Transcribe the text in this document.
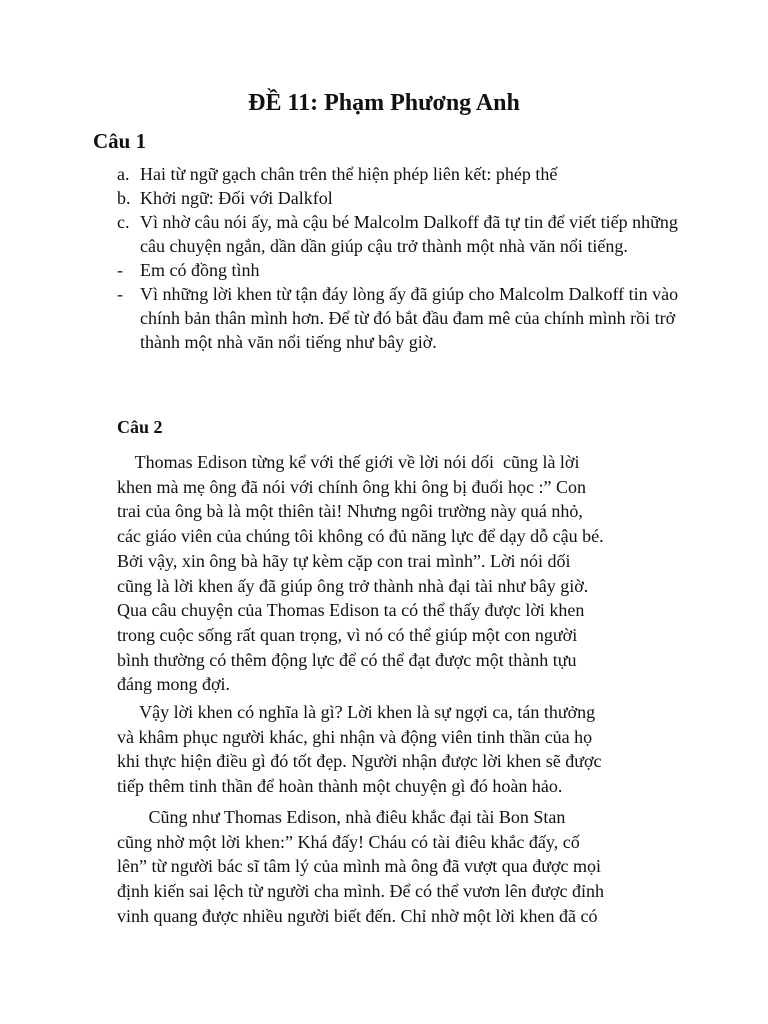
ĐỀ 11: Phạm Phương Anh
Câu 1
a. Hai từ ngữ gạch chân trên thể hiện phép liên kết: phép thế
b. Khởi ngữ: Đối với Dalkfol
c. Vì nhờ câu nói ấy, mà cậu bé Malcolm Dalkoff đã tự tin để viết tiếp những câu chuyện ngắn, dần dần giúp cậu trở thành một nhà văn nổi tiếng.
- Em có đồng tình
- Vì những lời khen từ tận đáy lòng ấy đã giúp cho Malcolm Dalkoff tin vào chính bản thân mình hơn. Để từ đó bắt đầu đam mê của chính mình rồi trở thành một nhà văn nổi tiếng như bây giờ.
Câu 2
Thomas Edison từng kể với thế giới về lời nói dối  cũng là lời
khen mà mẹ ông đã nói với chính ông khi ông bị đuổi học :” Con
trai của ông bà là một thiên tài! Nhưng ngôi trường này quá nhỏ,
các giáo viên của chúng tôi không có đủ năng lực để dạy dỗ cậu bé.
Bởi vậy, xin ông bà hãy tự kèm cặp con trai mình”. Lời nói dối
cũng là lời khen ấy đã giúp ông trở thành nhà đại tài như bây giờ.
Qua câu chuyện của Thomas Edison ta có thể thấy được lời khen
trong cuộc sống rất quan trọng, vì nó có thể giúp một con người
bình thường có thêm động lực để có thể đạt được một thành tựu
đáng mong đợi.
Vậy lời khen có nghĩa là gì? Lời khen là sự ngợi ca, tán thưởng
và khâm phục người khác, ghi nhận và động viên tinh thần của họ
khi thực hiện điều gì đó tốt đẹp. Người nhận được lời khen sẽ được
tiếp thêm tinh thần để hoàn thành một chuyện gì đó hoàn hảo.
Cũng như Thomas Edison, nhà điêu khắc đại tài Bon Stan
cũng nhờ một lời khen:” Khá đấy! Cháu có tài điêu khắc đấy, cố
lên” từ người bác sĩ tâm lý của mình mà ông đã vượt qua được mọi
định kiến sai lệch từ người cha mình. Để có thể vươn lên được đỉnh
vinh quang được nhiều người biết đến. Chỉ nhờ một lời khen đã có
